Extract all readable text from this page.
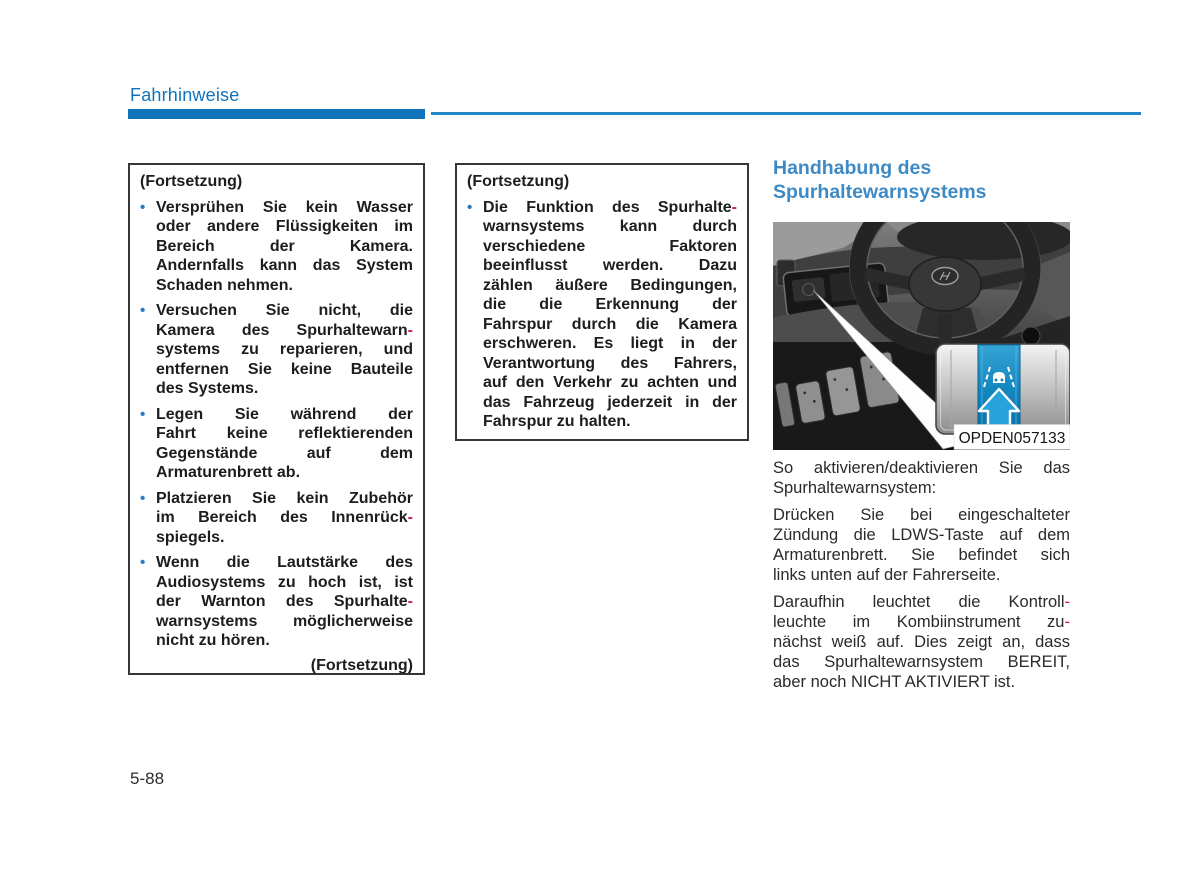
Fahrhinweise
(Fortsetzung)
• Versprühen Sie kein Wasser
oder andere Flüssigkeiten im
Bereich der Kamera.
Andernfalls kann das System
Schaden nehmen.
• Versuchen Sie nicht, die
Kamera des Spurhaltewarn-
systems zu reparieren, und
entfernen Sie keine Bauteile
des Systems.
• Legen Sie während der
Fahrt keine reflektierenden
Gegenstände auf dem
Armaturenbrett ab.
• Platzieren Sie kein Zubehör
im Bereich des Innenrück-
spiegels.
• Wenn die Lautstärke des
Audiosystems zu hoch ist, ist
der Warnton des Spurhalte-
warnsystems möglicherweise
nicht zu hören.
(Fortsetzung)
(Fortsetzung)
• Die Funktion des Spurhalte-
warnsystems kann durch
verschiedene Faktoren
beeinflusst werden. Dazu
zählen äußere Bedingungen,
die die Erkennung der
Fahrspur durch die Kamera
erschweren. Es liegt in der
Verantwortung des Fahrers,
auf den Verkehr zu achten und
das Fahrzeug jederzeit in der
Fahrspur zu halten.
Handhabung des
Spurhaltewarnsystems
OPDEN057133
So aktivieren/deaktivieren Sie das
Spurhaltewarnsystem:
Drücken Sie bei eingeschalteter
Zündung die LDWS-Taste auf dem
Armaturenbrett. Sie befindet sich
links unten auf der Fahrerseite.
Daraufhin leuchtet die Kontroll-
leuchte im Kombiinstrument zu-
nächst weiß auf. Dies zeigt an, dass
das Spurhaltewarnsystem BEREIT,
aber noch NICHT AKTIVIERT ist.
5-88
